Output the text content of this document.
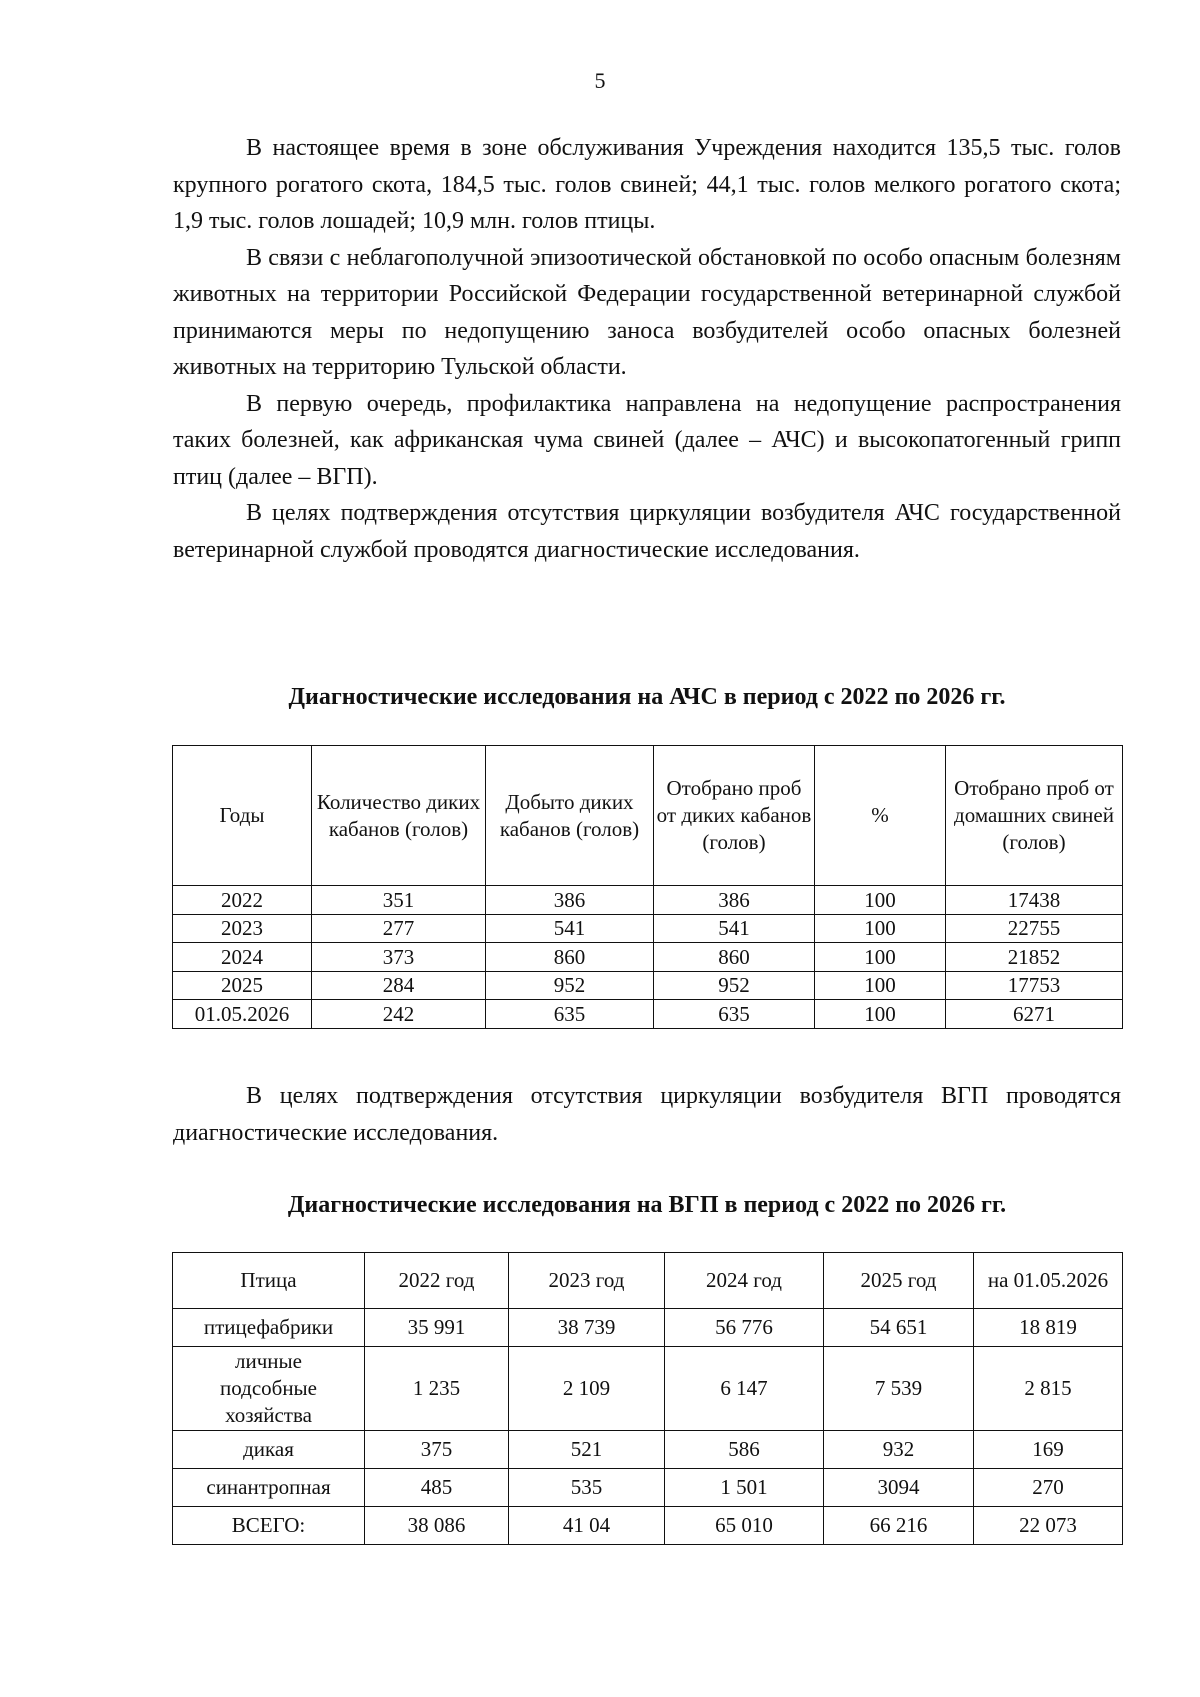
5

В настоящее время в зоне обслуживания Учреждения находится 135,5 тыс. голов крупного рогатого скота, 184,5 тыс. голов свиней; 44,1 тыс. голов мелкого рогатого скота; 1,9 тыс. голов лошадей; 10,9 млн. голов птицы.

В связи с неблагополучной эпизоотической обстановкой по особо опасным болезням животных на территории Российской Федерации государственной ветеринарной службой принимаются меры по недопущению заноса возбудителей особо опасных болезней животных на территорию Тульской области.

В первую очередь, профилактика направлена на недопущение распространения таких болезней, как африканская чума свиней (далее – АЧС) и высокопатогенный грипп птиц (далее – ВГП).

В целях подтверждения отсутствия циркуляции возбудителя АЧС государственной ветеринарной службой проводятся диагностические исследования.

Диагностические исследования на АЧС в период с 2022 по 2026 гг.
Годы	Количество диких кабанов (голов)	Добыто диких кабанов (голов)	Отобрано проб от диких кабанов (голов)	%	Отобрано проб от домашних свиней (голов)
2022	351	386	386	100	17438
2023	277	541	541	100	22755
2024	373	860	860	100	21852
2025	284	952	952	100	17753
01.05.2026	242	635	635	100	6271

В целях подтверждения отсутствия циркуляции возбудителя ВГП проводятся диагностические исследования.

Диагностические исследования на ВГП в период с 2022 по 2026 гг.
Птица	2022 год	2023 год	2024 год	2025 год	на 01.05.2026
птицефабрики	35 991	38 739	56 776	54 651	18 819
личные подсобные хозяйства	1 235	2 109	6 147	7 539	2 815
дикая	375	521	586	932	169
синантропная	485	535	1 501	3094	270
ВСЕГО:	38 086	41 04	65 010	66 216	22 073
